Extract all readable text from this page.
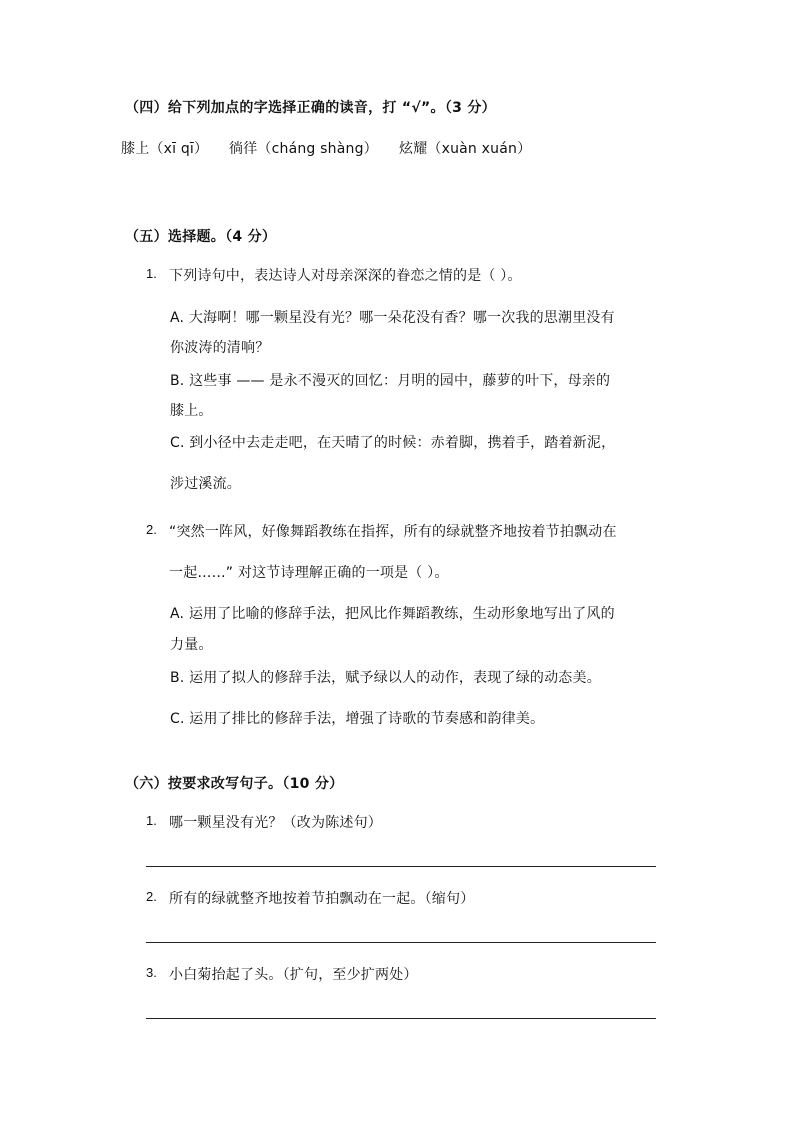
（四）给下列加点的字选择正确的读音，打 “√”。（3 分）
膝上（xī qī） 徜徉（cháng shàng） 炫耀（xuàn xuán）
（五）选择题。（4 分）
1. 下列诗句中，表达诗人对母亲深深的眷恋之情的是（ ）。
A. 大海啊！哪一颗星没有光？哪一朵花没有香？哪一次我的思潮里没有
你波涛的清响？
B. 这些事 —— 是永不漫灭的回忆：月明的园中，藤萝的叶下，母亲的
膝上。
C. 到小径中去走走吧，在天晴了的时候：赤着脚，携着手，踏着新泥，
涉过溪流。
2. “突然一阵风，好像舞蹈教练在指挥，所有的绿就整齐地按着节拍飘动在
一起……” 对这节诗理解正确的一项是（ ）。
A. 运用了比喻的修辞手法，把风比作舞蹈教练，生动形象地写出了风的
力量。
B. 运用了拟人的修辞手法，赋予绿以人的动作，表现了绿的动态美。
C. 运用了排比的修辞手法，增强了诗歌的节奏感和韵律美。
（六）按要求改写句子。（10 分）
1. 哪一颗星没有光？（改为陈述句）
2. 所有的绿就整齐地按着节拍飘动在一起。（缩句）
3. 小白菊抬起了头。（扩句，至少扩两处）
